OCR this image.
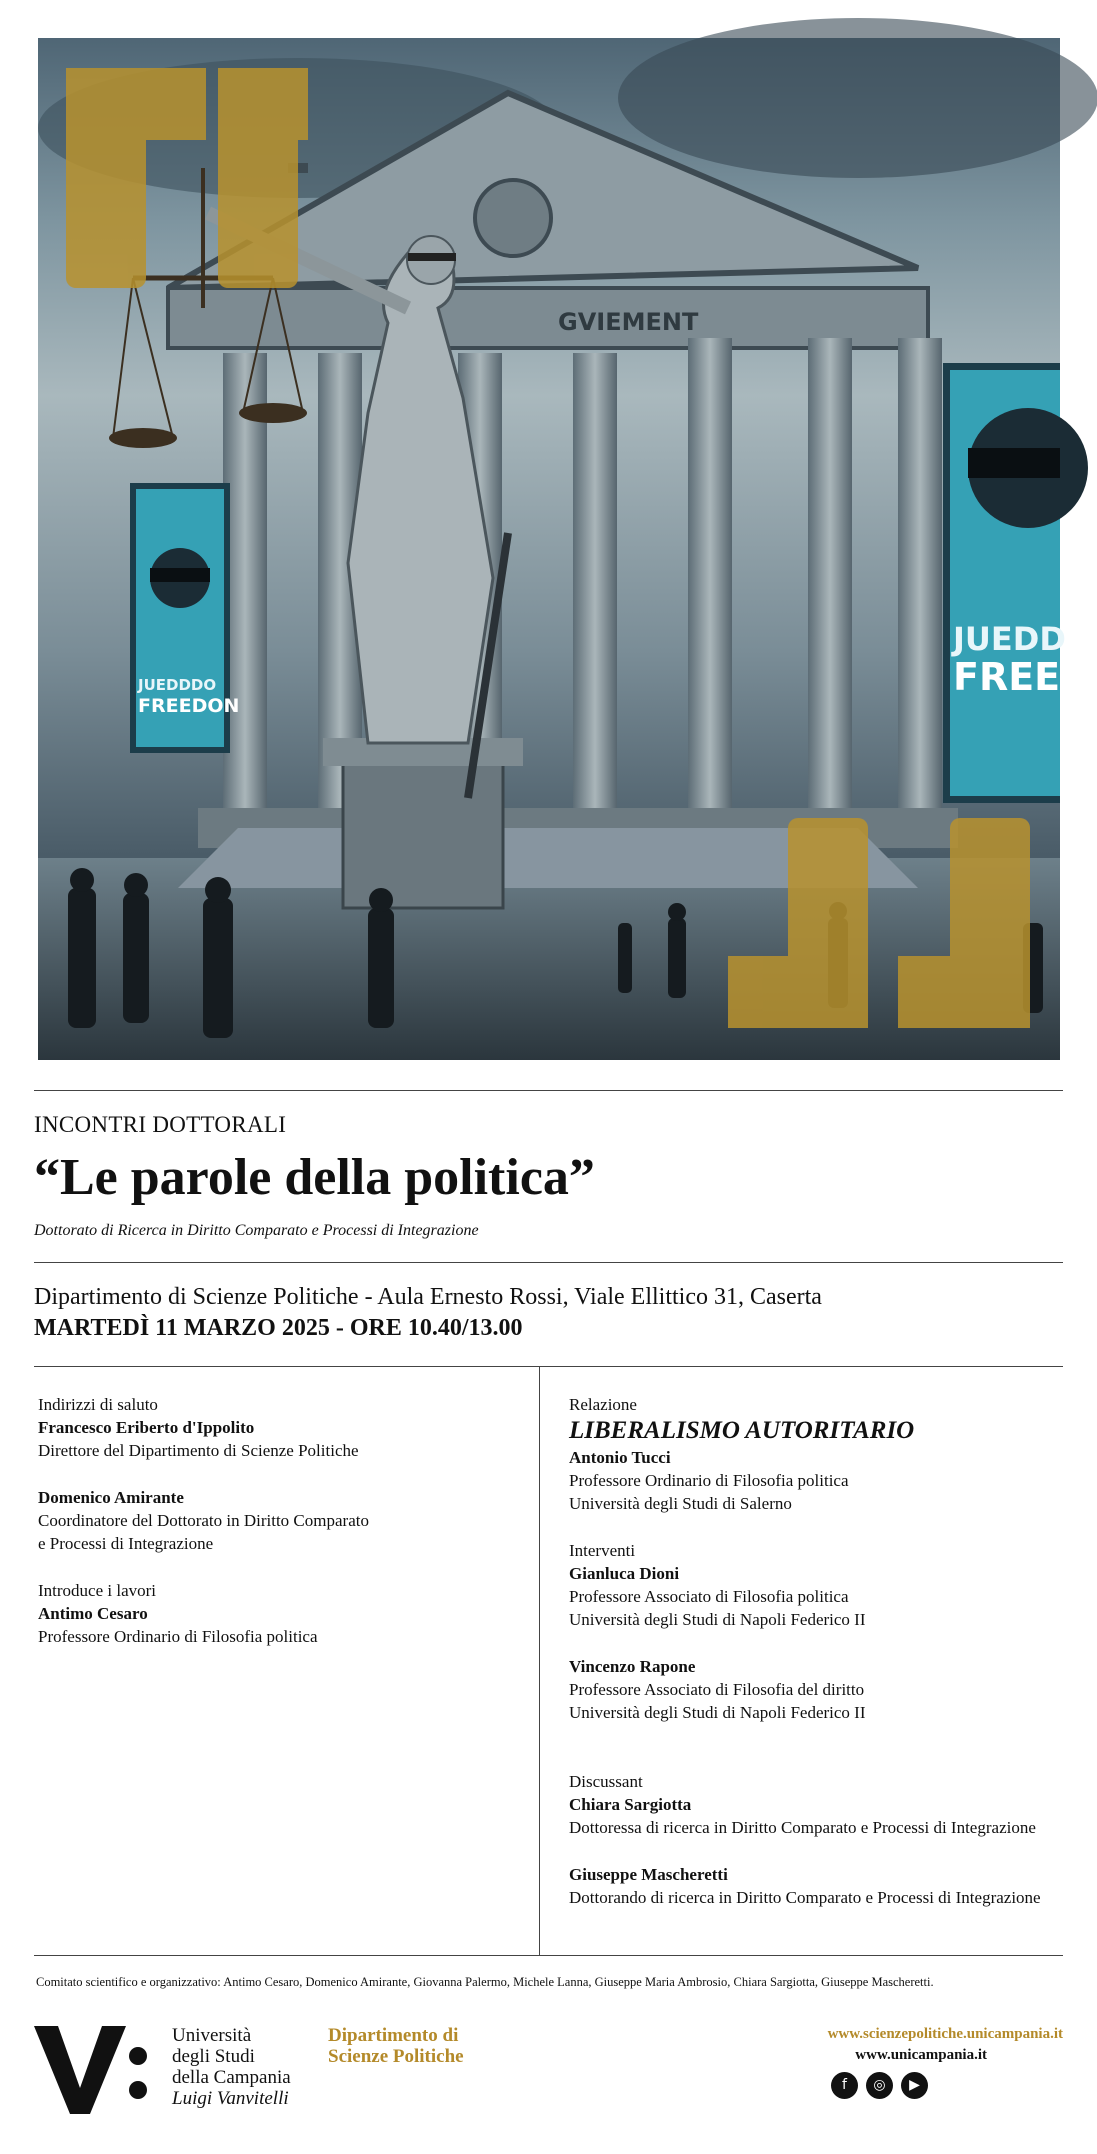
GVIEMENT
JUEDDDO
FREEDON
JUEDD
FREED
INCONTRI DOTTORALI
“Le parole della politica”
Dottorato di Ricerca in Diritto Comparato e Processi di Integrazione
Dipartimento di Scienze Politiche - Aula Ernesto Rossi, Viale Ellittico 31, Caserta
MARTEDÌ 11 MARZO 2025 - ORE 10.40/13.00
Indirizzi di saluto
Francesco Eriberto d'Ippolito
Direttore del Dipartimento di Scienze Politiche
Domenico Amirante
Coordinatore del Dottorato in Diritto Comparato
e Processi di Integrazione
Introduce i lavori
Antimo Cesaro
Professore Ordinario di Filosofia politica
Relazione
LIBERALISMO AUTORITARIO
Antonio Tucci
Professore Ordinario di Filosofia politica
Università degli Studi di Salerno
Interventi
Gianluca Dioni
Professore Associato di Filosofia politica
Università degli Studi di Napoli Federico II
Vincenzo Rapone
Professore Associato di Filosofia del diritto
Università degli Studi di Napoli Federico II
Discussant
Chiara Sargiotta
Dottoressa di ricerca in Diritto Comparato e Processi di Integrazione
Giuseppe Mascheretti
Dottorando di ricerca in Diritto Comparato e Processi di Integrazione
Comitato scientifico e organizzativo: Antimo Cesaro, Domenico Amirante, Giovanna Palermo, Michele Lanna, Giuseppe Maria Ambrosio, Chiara Sargiotta, Giuseppe Mascheretti.
Università
degli Studi
della Campania
Luigi Vanvitelli
Dipartimento di
Scienze Politiche
www.scienzepolitiche.unicampania.it
www.unicampania.it
f	◎	▶
